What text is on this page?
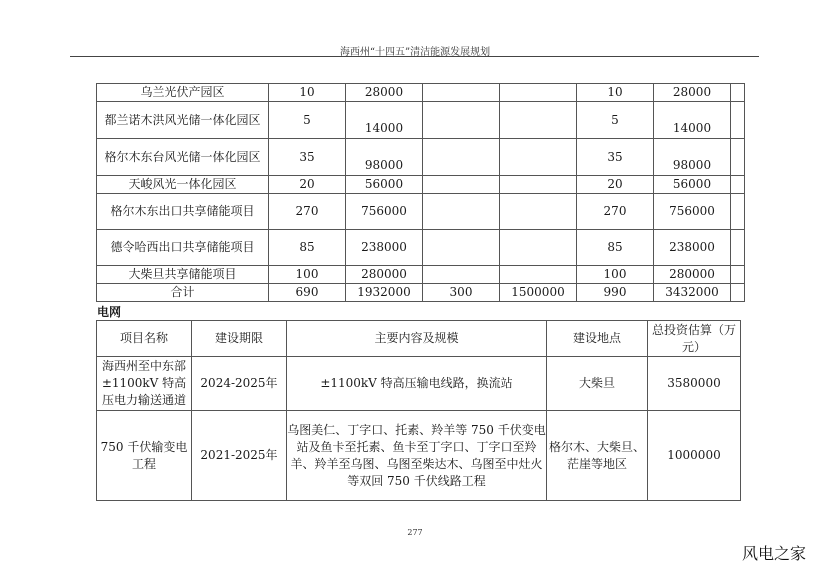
海西州“十四五”清洁能源发展规划
乌兰光伏产园区	10	28000			10	28000	
都兰诺木洪风光储一体化园区	5	14000			5	14000	
格尔木东台风光储一体化园区	35	98000			35	98000	
天峻风光一体化园区	20	56000			20	56000	
格尔木东出口共享储能项目	270	756000			270	756000	
德令哈西出口共享储能项目	85	238000			85	238000	
大柴旦共享储能项目	100	280000			100	280000	
合计	690	1932000	300	1500000	990	3432000	
电网
项目名称	建设期限	主要内容及规模	建设地点	总投资估算（万元）
海西州至中东部±1100kV 特高压电力输送通道	2024-2025年	±1100kV 特高压输电线路，换流站	大柴旦	3580000
750 千伏输变电工程	2021-2025年	乌图美仁、丁字口、托素、羚羊等 750 千伏变电站及鱼卡至托素、鱼卡至丁字口、丁字口至羚羊、羚羊至乌图、乌图至柴达木、乌图至中灶火等双回 750 千伏线路工程	格尔木、大柴旦、茫崖等地区	1000000
277
风电之家
